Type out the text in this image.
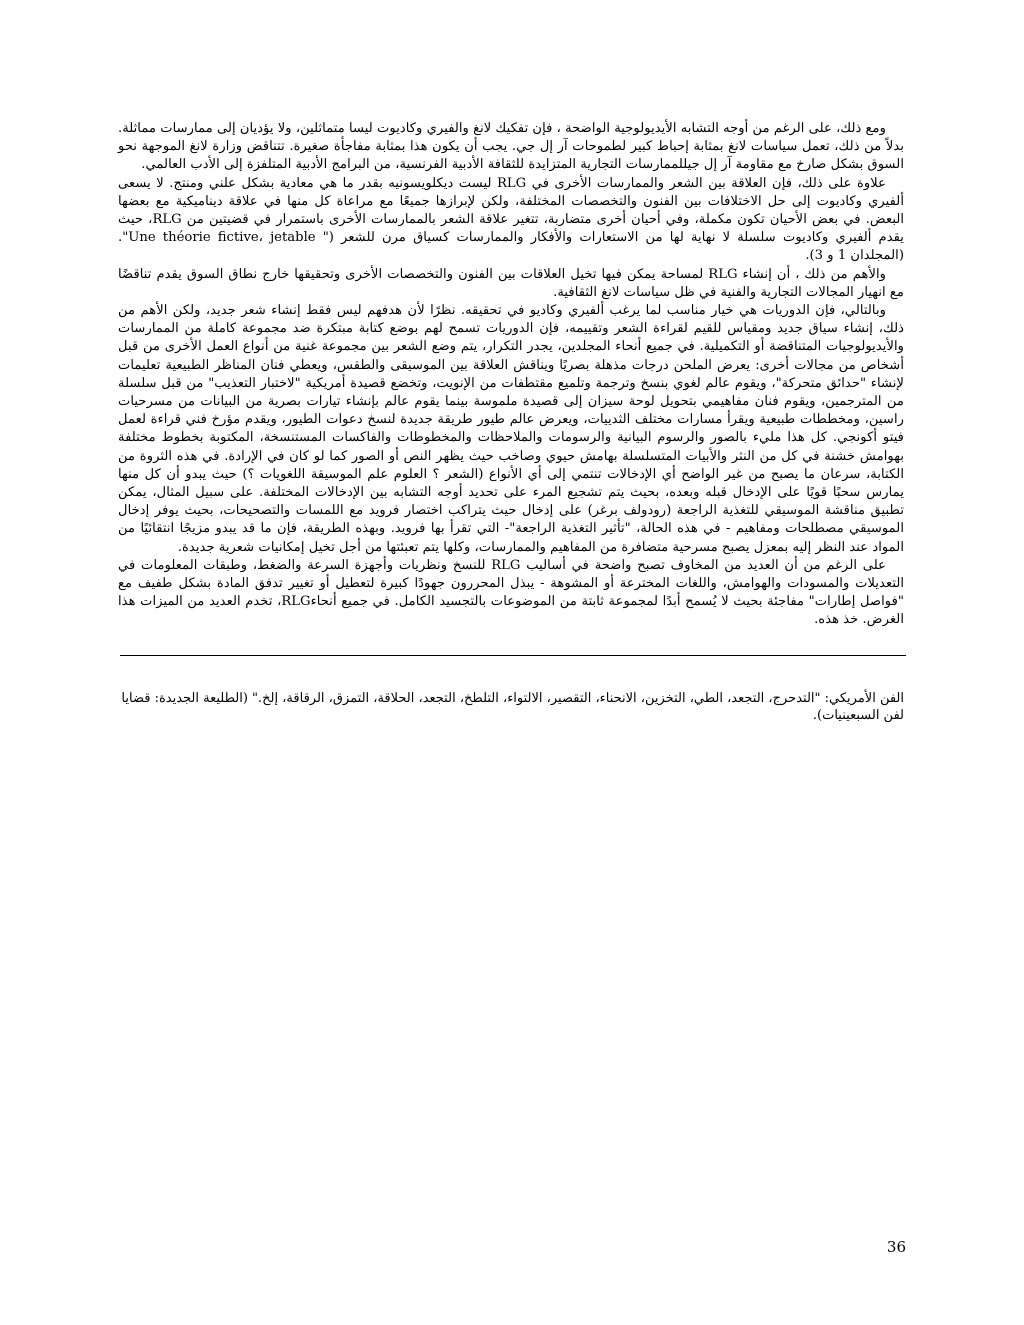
ومع ذلك، على الرغم من أوجه التشابه الأيديولوجية الواضحة ، فإن تفكيك لانغ والفيري وكاديوت ليسا متماثلين، ولا يؤديان إلى ممارسات مماثلة. بدلاً من ذلك، تعمل سياسات لانغ بمثابة إحباط كبير لطموحات آر إل جي. يجب أن يكون هذا بمثابة مفاجأة صغيرة. تتناقض وزارة لانغ الموجهة نحو السوق بشكل صارخ مع مقاومة آر إل جيللممارسات التجارية المتزايدة للثقافة الأدبية الفرنسية، من البرامج الأدبية المتلفزة إلى الأدب العالمي.

علاوة على ذلك، فإن العلاقة بين الشعر والممارسات الأخرى في RLG ليست ديكلويسونيه بقدر ما هي معادية بشكل علني ومنتج. لا يسعى ألفيري وكاديوت إلى حل الاختلافات بين الفنون والتخصصات المختلفة، ولكن لإبرازها جميعًا مع مراعاة كل منها في علاقة ديناميكية مع بعضها البعض. في بعض الأحيان تكون مكملة، وفي أحيان أخرى متضاربة، تتغير علاقة الشعر بالممارسات الأخرى باستمرار في قضيتين من RLG، حيث يقدم ألفيري وكاديوت سلسلة لا نهاية لها من الاستعارات والأفكار والممارسات كسياق مرن للشعر (" Une théorie fictive، jetable". (المجلدان 1 و 3).

والأهم من ذلك ، أن إنشاء RLG لمساحة يمكن فيها تخيل العلاقات بين الفنون والتخصصات الأخرى وتحقيقها خارج نطاق السوق يقدم تناقضًا مع انهيار المجالات التجارية والفنية في ظل سياسات لانغ الثقافية.

وبالتالي، فإن الدوريات هي خيار مناسب لما يرغب ألفيري وكاديو في تحقيقه. نظرًا لأن هدفهم ليس فقط إنشاء شعر جديد، ولكن الأهم من ذلك، إنشاء سياق جديد ومقياس للقيم لقراءة الشعر وتقييمه، فإن الدوريات تسمح لهم بوضع كتابة مبتكرة ضد مجموعة كاملة من الممارسات والأيديولوجيات المتناقضة أو التكميلية. في جميع أنحاء المجلدين، يجدر التكرار، يتم وضع الشعر بين مجموعة غنية من أنواع العمل الأخرى من قبل أشخاص من مجالات أخرى: يعرض الملحن درجات مذهلة بصريًا ويناقش العلاقة بين الموسيقى والطقس، ويعطي فنان المناظر الطبيعية تعليمات لإنشاء "حدائق متحركة"، ويقوم عالم لغوي بنسخ وترجمة وتلميع مقتطفات من الإنويت، وتخضع قصيدة أمريكية "لاختبار التعذيب" من قبل سلسلة من المترجمين، ويقوم فنان مفاهيمي بتحويل لوحة سيزان إلى قصيدة ملموسة بينما يقوم عالم بإنشاء تيارات بصرية من البيانات من مسرحيات راسين، ومخططات طبيعية ويقرأ مسارات مختلف الثدييات، ويعرض عالم طيور طريقة جديدة لنسخ دعوات الطيور، ويقدم مؤرخ فني قراءة لعمل فيتو أكونجي. كل هذا مليء بالصور والرسوم البيانية والرسومات والملاحظات والمخطوطات والفاكسات المستنسخة، المكتوبة بخطوط مختلفة بهوامش خشنة في كل من النثر والأبيات المتسلسلة بهامش حيوي وصاخب حيث يظهر النص أو الصور كما لو كان في الإرادة. في هذه الثروة من الكتابة، سرعان ما يصبح من غير الواضح أي الإدخالات تنتمي إلى أي الأنواع (الشعر ؟ العلوم علم الموسيقة اللغويات ؟) حيث يبدو أن كل منها يمارس سحبًا قويًا على الإدخال قبله وبعده، بحيث يتم تشجيع المرء على تحديد أوجه التشابه بين الإدخالات المختلفة. على سبيل المثال، يمكن تطبيق مناقشة الموسيقي للتغذية الراجعة (رودولف برغر) على إدخال حيث يتراكب اختصار فرويد مع اللمسات والتصحيحات، بحيث يوفر إدخال الموسيقي مصطلحات ومفاهيم - في هذه الحالة، "تأثير التغذية الراجعة"- التي تقرأ بها فرويد. وبهذه الطريقة، فإن ما قد يبدو مزيجًا انتقائيًا من المواد عند النظر إليه بمعزل يصبح مسرحية متضافرة من المفاهيم والممارسات، وكلها يتم تعبئتها من أجل تخيل إمكانيات شعرية جديدة.

على الرغم من أن العديد من المخاوف تصبح واضحة في أساليب RLG للنسخ ونظريات وأجهزة السرعة والضغط، وطبقات المعلومات في التعديلات والمسودات والهوامش، واللغات المخترعة أو المشوهة - يبذل المحررون جهودًا كبيرة لتعطيل أو تغيير تدفق المادة بشكل طفيف مع "فواصل إطارات" مفاجئة بحيث لا يُسمح أبدًا لمجموعة ثابتة من الموضوعات بالتجسيد الكامل. في جميع أنحاءRLG، تخدم العديد من الميزات هذا الغرض. خذ هذه.

الفن الأمريكي: "التدحرج، التجعد، الطي، التخزين، الانحناء، التقصير، الالتواء، التلطخ، التجعد، الحلاقة، التمزق، الرقاقة، إلخ." (الطليعة الجديدة: قضايا لفن السبعينيات).

36
